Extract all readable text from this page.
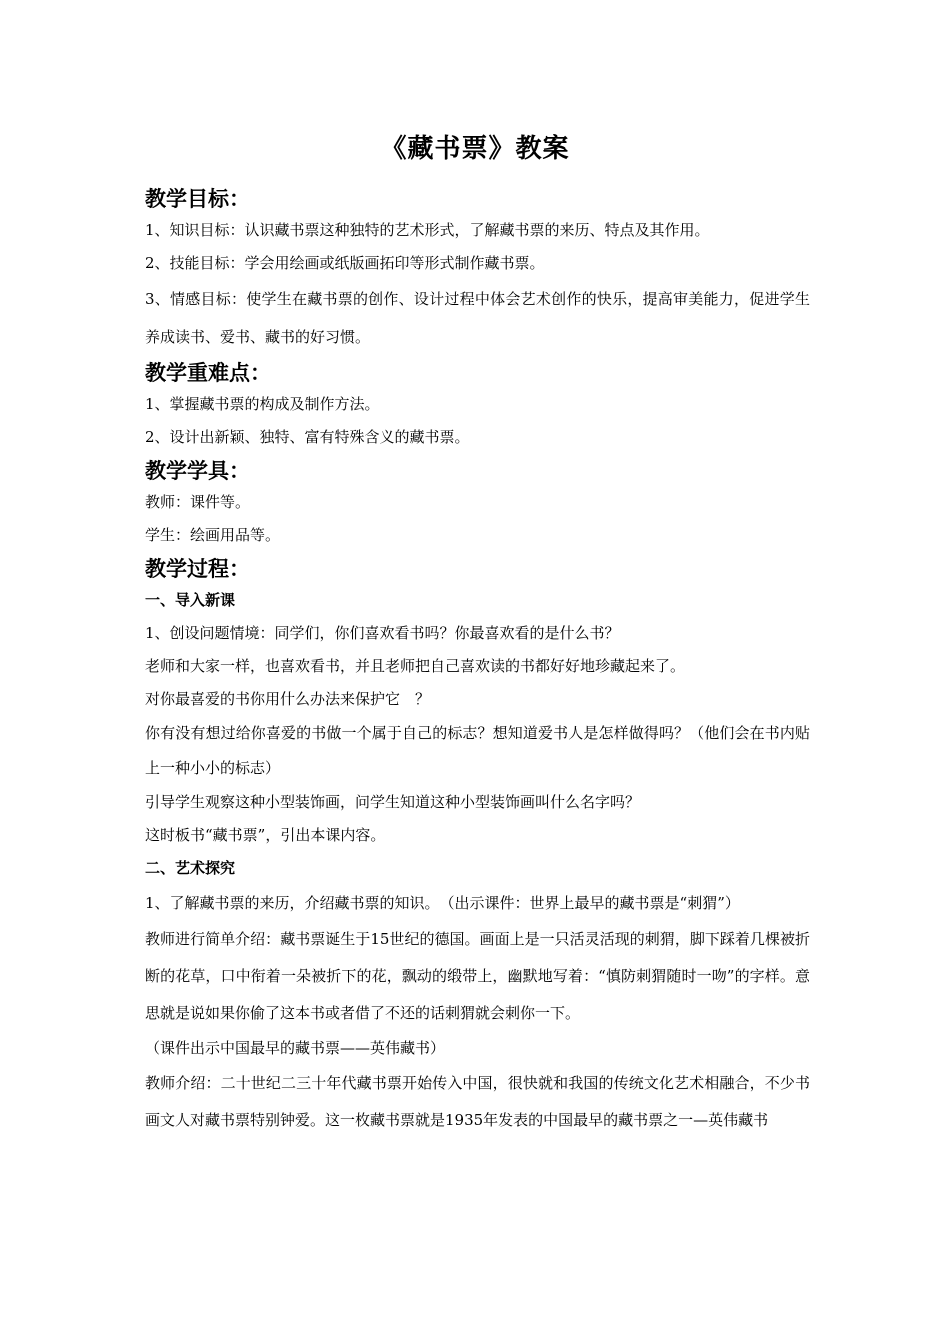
《藏书票》教案
教学目标：

1、知识目标：认识藏书票这种独特的艺术形式，了解藏书票的来历、特点及其作用。

2、技能目标：学会用绘画或纸版画拓印等形式制作藏书票。

3、情感目标：使学生在藏书票的创作、设计过程中体会艺术创作的快乐，提高审美能力，促进学生养成读书、爱书、藏书的好习惯。

教学重难点：

1、掌握藏书票的构成及制作方法。

2、设计出新颖、独特、富有特殊含义的藏书票。

教学学具：

教师：课件等。

学生：绘画用品等。

教学过程：
一、导入新课

1、创设问题情境：同学们，你们喜欢看书吗？你最喜欢看的是什么书？

老师和大家一样，也喜欢看书，并且老师把自己喜欢读的书都好好地珍藏起来了。

对你最喜爱的书你用什么办法来保护它　？

你有没有想过给你喜爱的书做一个属于自己的标志？想知道爱书人是怎样做得吗？（他们会在书内贴上一种小小的标志）

引导学生观察这种小型装饰画，问学生知道这种小型装饰画叫什么名字吗？

这时板书“藏书票”，引出本课内容。

二、艺术探究

1、了解藏书票的来历，介绍藏书票的知识。　（出示课件：世界上最早的藏书票是“刺猬”）

教师进行简单介绍：藏书票诞生于15世纪的德国。画面上是一只活灵活现的刺猬，脚下踩着几棵被折断的花草，口中衔着一朵被折下的花，飘动的缎带上，幽默地写着：“慎防刺猬随时一吻”的字样。意思就是说如果你偷了这本书或者借了不还的话刺猬就会刺你一下。

（课件出示中国最早的藏书票——英伟藏书）

教师介绍：二十世纪二三十年代藏书票开始传入中国，很快就和我国的传统文化艺术相融合，不少书画文人对藏书票特别钟爱。这一枚藏书票就是1935年发表的中国最早的藏书票之一—英伟藏书
